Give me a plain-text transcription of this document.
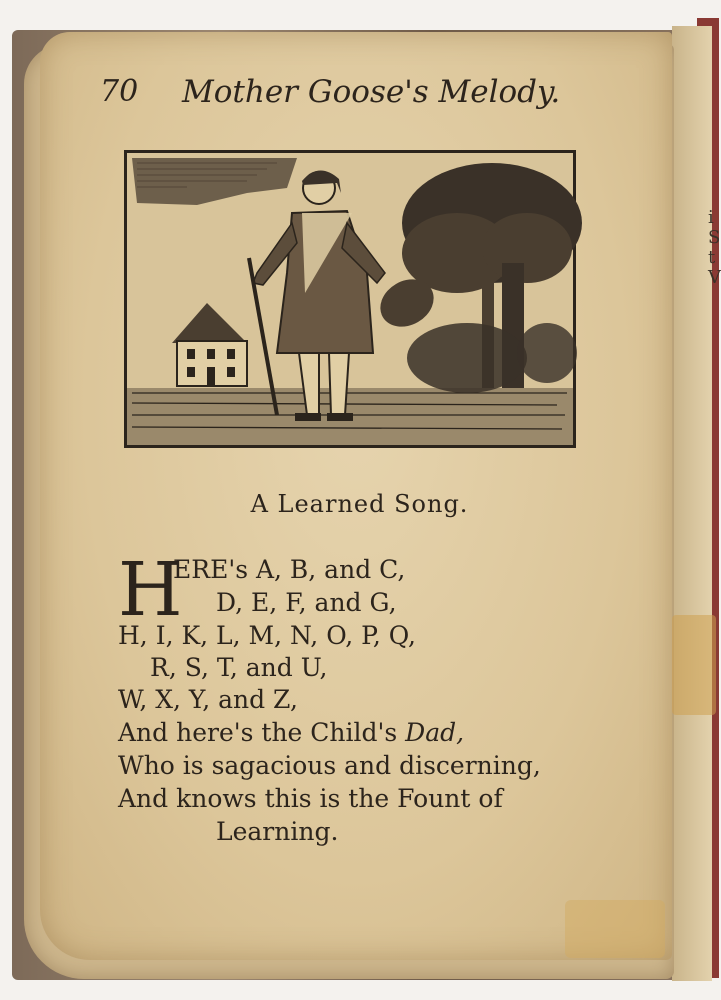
i S t V
70 Mother Goose's Melody.
A Learned Song.
H
ERE's A, B, and C,
D, E, F, and G,
H, I, K, L, M, N, O, P, Q,
R, S, T, and U,
W, X, Y, and Z,
And here's the Child's Dad,
Who is sagacious and discerning,
And knows this is the Fount of
Learning.
